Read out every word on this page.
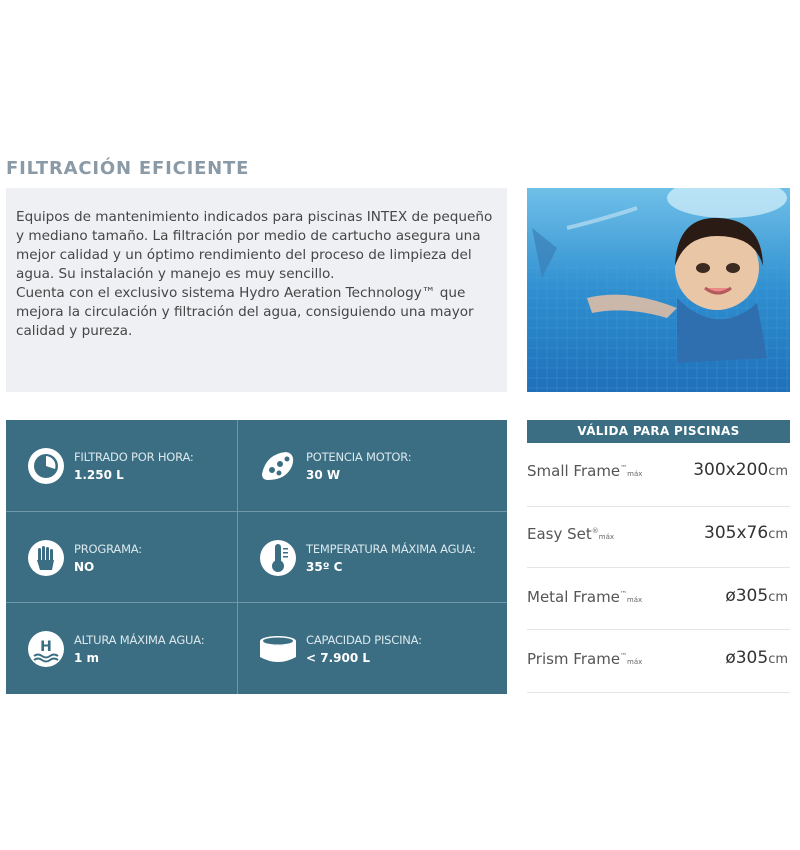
FILTRACIÓN EFICIENTE

Equipos de mantenimiento indicados para piscinas INTEX de pequeño y mediano tamaño. La filtración por medio de cartucho asegura una mejor calidad y un óptimo rendimiento del proceso de limpieza del agua. Su instalación y manejo es muy sencillo.

Cuenta con el exclusivo sistema Hydro Aeration Technology™ que mejora la circulación y filtración del agua, consiguiendo una mayor calidad y pureza.

FILTRADO POR HORA:
1.250 L
POTENCIA MOTOR:
30 W
PROGRAMA:
NO
TEMPERATURA MÁXIMA AGUA:
35º C
H ALTURA MÁXIMA AGUA:
1 m
CAPACIDAD PISCINA:
< 7.900 L
VÁLIDA PARA PISCINAS
Small Frame™máx	300x200cm
Easy Set®máx	305x76cm
Metal Frame™máx	ø305cm
Prism Frame™máx	ø305cm
